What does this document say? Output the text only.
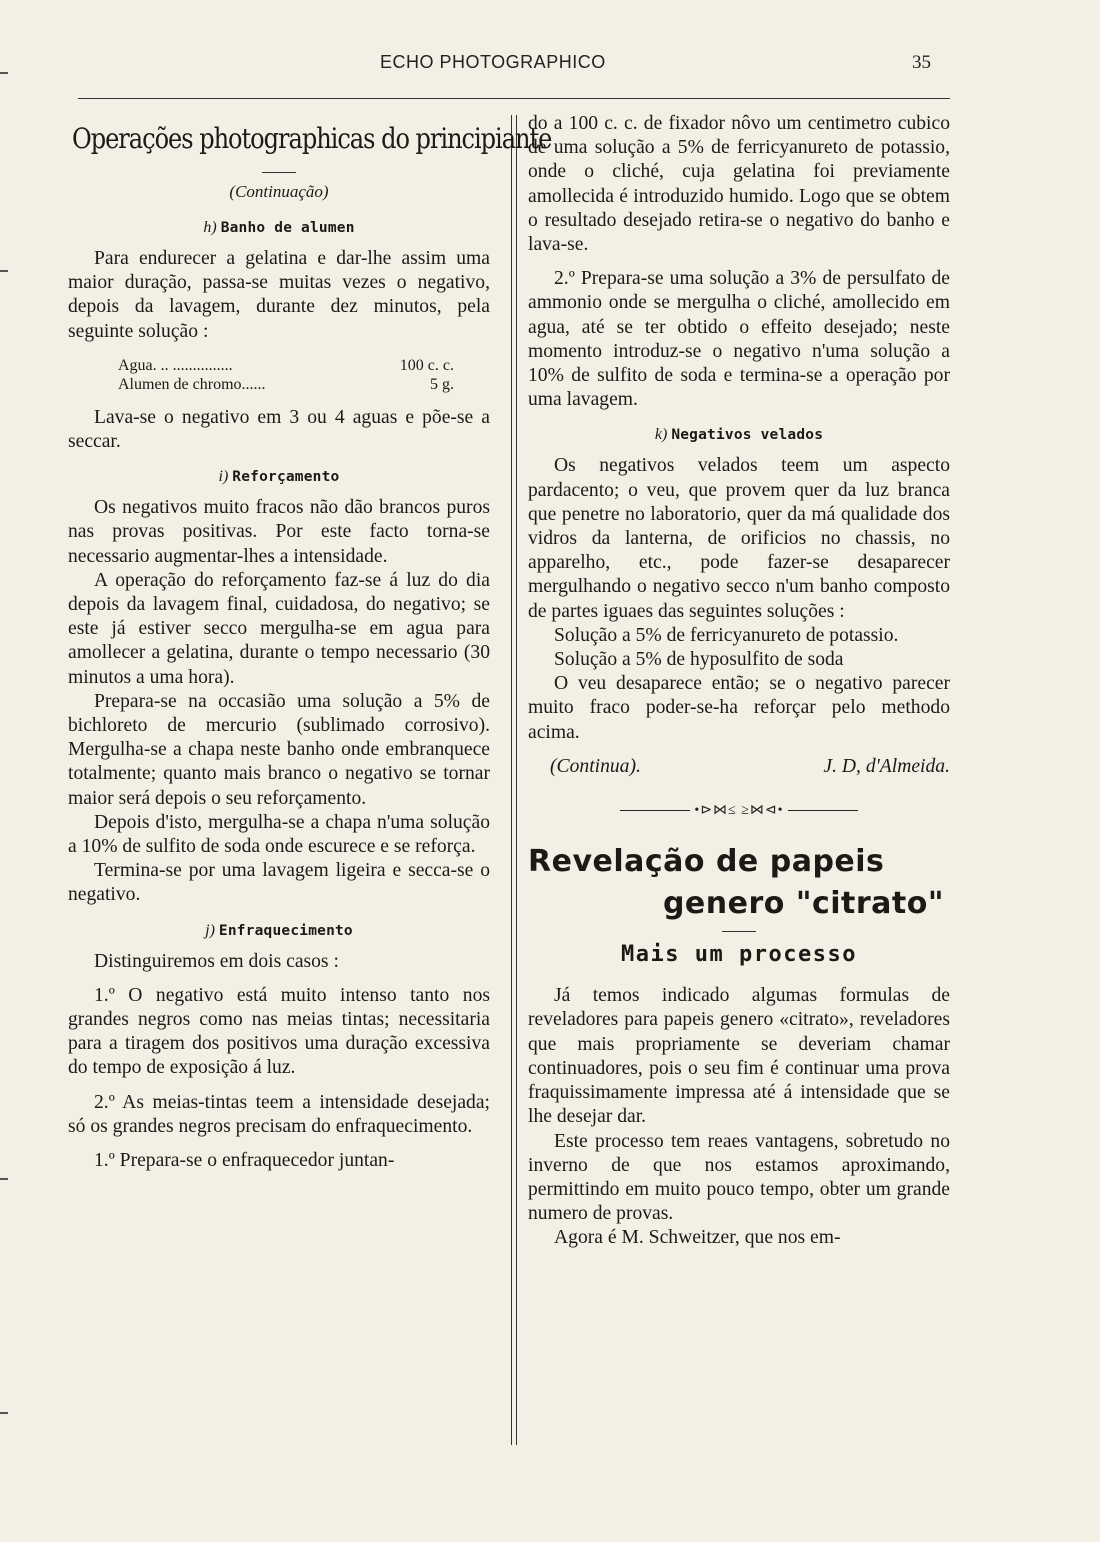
ECHO PHOTOGRAPHICO	35
Operações photographicas do principiante
(Continuação)
h) Banho de alumen

Para endurecer a gelatina e dar-lhe assim uma maior duração, passa-se muitas vezes o negativo, depois da lavagem, durante dez minutos, pela seguinte solução :

Agua. .. ...............	100 c. c.
Alumen de chromo......	5 g.

Lava-se o negativo em 3 ou 4 aguas e põe-se a seccar.

i) Reforçamento

Os negativos muito fracos não dão brancos puros nas provas positivas. Por este facto torna-se necessario augmentar-lhes a intensidade.

A operação do reforçamento faz-se á luz do dia depois da lavagem final, cuidadosa, do negativo; se este já estiver secco mergulha-se em agua para amollecer a gelatina, durante o tempo necessario (30 minutos a uma hora).

Prepara-se na occasião uma solução a 5% de bichloreto de mercurio (sublimado corrosivo). Mergulha-se a chapa neste banho onde embranquece totalmente; quanto mais branco o negativo se tornar maior será depois o seu reforçamento.

Depois d'isto, mergulha-se a chapa n'uma solução a 10% de sulfito de soda onde escurece e se reforça.

Termina-se por uma lavagem ligeira e secca-se o negativo.

j) Enfraquecimento

Distinguiremos em dois casos :

1.º O negativo está muito intenso tanto nos grandes negros como nas meias tintas; necessitaria para a tiragem dos positivos uma duração excessiva do tempo de exposição á luz.

2.º As meias-tintas teem a intensidade desejada; só os grandes negros precisam do enfraquecimento.

1.º Prepara-se o enfraquecedor juntan-

do a 100 c. c. de fixador nôvo um centimetro cubico de uma solução a 5% de ferricyanureto de potassio, onde o cliché, cuja gelatina foi previamente amollecida é introduzido humido. Logo que se obtem o resultado desejado retira-se o negativo do banho e lava-se.

2.º Prepara-se uma solução a 3% de persulfato de ammonio onde se mergulha o cliché, amollecido em agua, até se ter obtido o effeito desejado; neste momento introduz-se o negativo n'uma solução a 10% de sulfito de soda e termina-se a operação por uma lavagem.

k) Negativos velados

Os negativos velados teem um aspecto pardacento; o veu, que provem quer da luz branca que penetre no laboratorio, quer da má qualidade dos vidros da lanterna, de orificios no chassis, no apparelho, etc., pode fazer-se desaparecer mergulhando o negativo secco n'um banho composto de partes iguaes das seguintes soluções :

Solução a 5% de ferricyanureto de potassio.

Solução a 5% de hyposulfito de soda

O veu desaparece então; se o negativo parecer muito fraco poder-se-ha reforçar pelo methodo acima.

(Continua).	J. D, d'Almeida.
•⊳⋈≤ ≥⋈⊲•
Revelação de papeis
genero "citrato"
Mais um processo

Já temos indicado algumas formulas de reveladores para papeis genero «citrato», reveladores que mais propriamente se deveriam chamar continuadores, pois o seu fim é continuar uma prova fraquissimamente impressa até á intensidade que se lhe desejar dar.

Este processo tem reaes vantagens, sobretudo no inverno de que nos estamos aproximando, permittindo em muito pouco tempo, obter um grande numero de provas.

Agora é M. Schweitzer, que nos em-
